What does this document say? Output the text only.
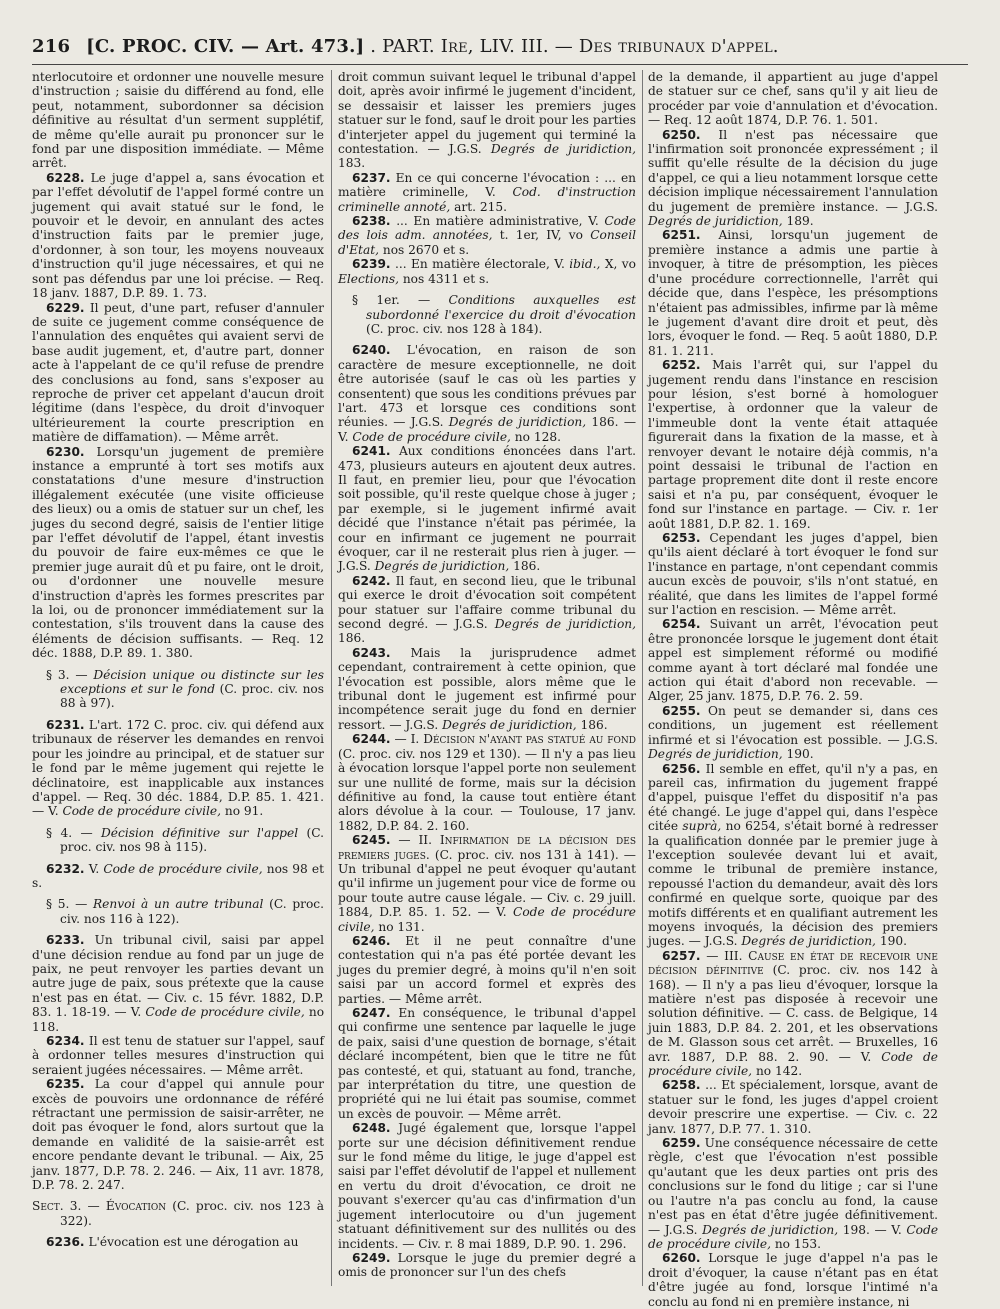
216 [C. PROC. CIV. — Art. 473.] . PART. Ire, LIV. III. — Des tribunaux d'appel.

nterlocutoire et ordonner une nouvelle mesure d'instruction ; saisie du différend au fond, elle peut, notamment, subordonner sa décision définitive au résultat d'un serment supplétif, de même qu'elle aurait pu prononcer sur le fond par une disposition immédiate. — Même arrêt.

6228. Le juge d'appel a, sans évocation et par l'effet dévolutif de l'appel formé contre un jugement qui avait statué sur le fond, le pouvoir et le devoir, en annulant des actes d'instruction faits par le premier juge, d'ordonner, à son tour, les moyens nouveaux d'instruction qu'il juge nécessaires, et qui ne sont pas défendus par une loi précise. — Req. 18 janv. 1887, D.P. 89. 1. 73.

6229. Il peut, d'une part, refuser d'annuler de suite ce jugement comme conséquence de l'annulation des enquêtes qui avaient servi de base audit jugement, et, d'autre part, donner acte à l'appelant de ce qu'il refuse de prendre des conclusions au fond, sans s'exposer au reproche de priver cet appelant d'aucun droit légitime (dans l'espèce, du droit d'invoquer ultérieurement la courte prescription en matière de diffamation). — Même arrêt.

6230. Lorsqu'un jugement de première instance a emprunté à tort ses motifs aux constatations d'une mesure d'instruction illégalement exécutée (une visite officieuse des lieux) ou a omis de statuer sur un chef, les juges du second degré, saisis de l'entier litige par l'effet dévolutif de l'appel, étant investis du pouvoir de faire eux-mêmes ce que le premier juge aurait dû et pu faire, ont le droit, ou d'ordonner une nouvelle mesure d'instruction d'après les formes prescrites par la loi, ou de prononcer immédiatement sur la contestation, s'ils trouvent dans la cause des éléments de décision suffisants. — Req. 12 déc. 1888, D.P. 89. 1. 380.

§ 3. — Décision unique ou distincte sur les exceptions et sur le fond (C. proc. civ. nos 88 à 97).

6231. L'art. 172 C. proc. civ. qui défend aux tribunaux de réserver les demandes en renvoi pour les joindre au principal, et de statuer sur le fond par le même jugement qui rejette le déclinatoire, est inapplicable aux instances d'appel. — Req. 30 déc. 1884, D.P. 85. 1. 421. — V. Code de procédure civile, no 91.

§ 4. — Décision définitive sur l'appel (C. proc. civ. nos 98 à 115).

6232. V. Code de procédure civile, nos 98 et s.

§ 5. — Renvoi à un autre tribunal (C. proc. civ. nos 116 à 122).

6233. Un tribunal civil, saisi par appel d'une décision rendue au fond par un juge de paix, ne peut renvoyer les parties devant un autre juge de paix, sous prétexte que la cause n'est pas en état. — Civ. c. 15 févr. 1882, D.P. 83. 1. 18-19. — V. Code de procédure civile, no 118.

6234. Il est tenu de statuer sur l'appel, sauf à ordonner telles mesures d'instruction qui seraient jugées nécessaires. — Même arrêt.

6235. La cour d'appel qui annule pour excès de pouvoirs une ordonnance de référé rétractant une permission de saisir-arrêter, ne doit pas évoquer le fond, alors surtout que la demande en validité de la saisie-arrêt est encore pendante devant le tribunal. — Aix, 25 janv. 1877, D.P. 78. 2. 246. — Aix, 11 avr. 1878, D.P. 78. 2. 247.

Sect. 3. — Évocation (C. proc. civ. nos 123 à 322).

6236. L'évocation est une dérogation au

droit commun suivant lequel le tribunal d'appel doit, après avoir infirmé le jugement d'incident, se dessaisir et laisser les premiers juges statuer sur le fond, sauf le droit pour les parties d'interjeter appel du jugement qui terminé la contestation. — J.G.S. Degrés de juridiction, 183.

6237. En ce qui concerne l'évocation : ... en matière criminelle, V. Cod. d'instruction criminelle annoté, art. 215.

6238. ... En matière administrative, V. Code des lois adm. annotées, t. 1er, IV, vo Conseil d'Etat, nos 2670 et s.

6239. ... En matière électorale, V. ibid., X, vo Elections, nos 4311 et s.

§ 1er. — Conditions auxquelles est subordonné l'exercice du droit d'évocation (C. proc. civ. nos 128 à 184).

6240. L'évocation, en raison de son caractère de mesure exceptionnelle, ne doit être autorisée (sauf le cas où les parties y consentent) que sous les conditions prévues par l'art. 473 et lorsque ces conditions sont réunies. — J.G.S. Degrés de juridiction, 186. — V. Code de procédure civile, no 128.

6241. Aux conditions énoncées dans l'art. 473, plusieurs auteurs en ajoutent deux autres. Il faut, en premier lieu, pour que l'évocation soit possible, qu'il reste quelque chose à juger ; par exemple, si le jugement infirmé avait décidé que l'instance n'était pas périmée, la cour en infirmant ce jugement ne pourrait évoquer, car il ne resterait plus rien à juger. — J.G.S. Degrés de juridiction, 186.

6242. Il faut, en second lieu, que le tribunal qui exerce le droit d'évocation soit compétent pour statuer sur l'affaire comme tribunal du second degré. — J.G.S. Degrés de juridiction, 186.

6243. Mais la jurisprudence admet cependant, contrairement à cette opinion, que l'évocation est possible, alors même que le tribunal dont le jugement est infirmé pour incompétence serait juge du fond en dernier ressort. — J.G.S. Degrés de juridiction, 186.

6244. — I. Décision n'ayant pas statué au fond (C. proc. civ. nos 129 et 130). — Il n'y a pas lieu à évocation lorsque l'appel porte non seulement sur une nullité de forme, mais sur la décision définitive au fond, la cause tout entière étant alors dévolue à la cour. — Toulouse, 17 janv. 1882, D.P. 84. 2. 160.

6245. — II. Infirmation de la décision des premiers juges. (C. proc. civ. nos 131 à 141). — Un tribunal d'appel ne peut évoquer qu'autant qu'il infirme un jugement pour vice de forme ou pour toute autre cause légale. — Civ. c. 29 juill. 1884, D.P. 85. 1. 52. — V. Code de procédure civile, no 131.

6246. Et il ne peut connaître d'une contestation qui n'a pas été portée devant les juges du premier degré, à moins qu'il n'en soit saisi par un accord formel et exprès des parties. — Même arrêt.

6247. En conséquence, le tribunal d'appel qui confirme une sentence par laquelle le juge de paix, saisi d'une question de bornage, s'était déclaré incompétent, bien que le titre ne fût pas contesté, et qui, statuant au fond, tranche, par interprétation du titre, une question de propriété qui ne lui était pas soumise, commet un excès de pouvoir. — Même arrêt.

6248. Jugé également que, lorsque l'appel porte sur une décision définitivement rendue sur le fond même du litige, le juge d'appel est saisi par l'effet dévolutif de l'appel et nullement en vertu du droit d'évocation, ce droit ne pouvant s'exercer qu'au cas d'infirmation d'un jugement interlocutoire ou d'un jugement statuant définitivement sur des nullités ou des incidents. — Civ. r. 8 mai 1889, D.P. 90. 1. 296.

6249. Lorsque le juge du premier degré a omis de prononcer sur l'un des chefs

de la demande, il appartient au juge d'appel de statuer sur ce chef, sans qu'il y ait lieu de procéder par voie d'annulation et d'évocation. — Req. 12 août 1874, D.P. 76. 1. 501.

6250. Il n'est pas nécessaire que l'infirmation soit prononcée expressément ; il suffit qu'elle résulte de la décision du juge d'appel, ce qui a lieu notamment lorsque cette décision implique nécessairement l'annulation du jugement de première instance. — J.G.S. Degrés de juridiction, 189.

6251. Ainsi, lorsqu'un jugement de première instance a admis une partie à invoquer, à titre de présomption, les pièces d'une procédure correctionnelle, l'arrêt qui décide que, dans l'espèce, les présomptions n'étaient pas admissibles, infirme par là même le jugement d'avant dire droit et peut, dès lors, évoquer le fond. — Req. 5 août 1880, D.P. 81. 1. 211.

6252. Mais l'arrêt qui, sur l'appel du jugement rendu dans l'instance en rescision pour lésion, s'est borné à homologuer l'expertise, à ordonner que la valeur de l'immeuble dont la vente était attaquée figurerait dans la fixation de la masse, et à renvoyer devant le notaire déjà commis, n'a point dessaisi le tribunal de l'action en partage proprement dite dont il reste encore saisi et n'a pu, par conséquent, évoquer le fond sur l'instance en partage. — Civ. r. 1er août 1881, D.P. 82. 1. 169.

6253. Cependant les juges d'appel, bien qu'ils aient déclaré à tort évoquer le fond sur l'instance en partage, n'ont cependant commis aucun excès de pouvoir, s'ils n'ont statué, en réalité, que dans les limites de l'appel formé sur l'action en rescision. — Même arrêt.

6254. Suivant un arrêt, l'évocation peut être prononcée lorsque le jugement dont était appel est simplement réformé ou modifié comme ayant à tort déclaré mal fondée une action qui était d'abord non recevable. — Alger, 25 janv. 1875, D.P. 76. 2. 59.

6255. On peut se demander si, dans ces conditions, un jugement est réellement infirmé et si l'évocation est possible. — J.G.S. Degrés de juridiction, 190.

6256. Il semble en effet, qu'il n'y a pas, en pareil cas, infirmation du jugement frappé d'appel, puisque l'effet du dispositif n'a pas été changé. Le juge d'appel qui, dans l'espèce citée suprà, no 6254, s'était borné à redresser la qualification donnée par le premier juge à l'exception soulevée devant lui et avait, comme le tribunal de première instance, repoussé l'action du demandeur, avait dès lors confirmé en quelque sorte, quoique par des motifs différents et en qualifiant autrement les moyens invoqués, la décision des premiers juges. — J.G.S. Degrés de juridiction, 190.

6257. — III. Cause en état de recevoir une décision définitive (C. proc. civ. nos 142 à 168). — Il n'y a pas lieu d'évoquer, lorsque la matière n'est pas disposée à recevoir une solution définitive. — C. cass. de Belgique, 14 juin 1883, D.P. 84. 2. 201, et les observations de M. Glasson sous cet arrêt. — Bruxelles, 16 avr. 1887, D.P. 88. 2. 90. — V. Code de procédure civile, no 142.

6258. ... Et spécialement, lorsque, avant de statuer sur le fond, les juges d'appel croient devoir prescrire une expertise. — Civ. c. 22 janv. 1877, D.P. 77. 1. 310.

6259. Une conséquence nécessaire de cette règle, c'est que l'évocation n'est possible qu'autant que les deux parties ont pris des conclusions sur le fond du litige ; car si l'une ou l'autre n'a pas conclu au fond, la cause n'est pas en état d'être jugée définitivement. — J.G.S. Degrés de juridiction, 198. — V. Code de procédure civile, no 153.

6260. Lorsque le juge d'appel n'a pas le droit d'évoquer, la cause n'étant pas en état d'être jugée au fond, lorsque l'intimé n'a conclu au fond ni en première instance, ni
